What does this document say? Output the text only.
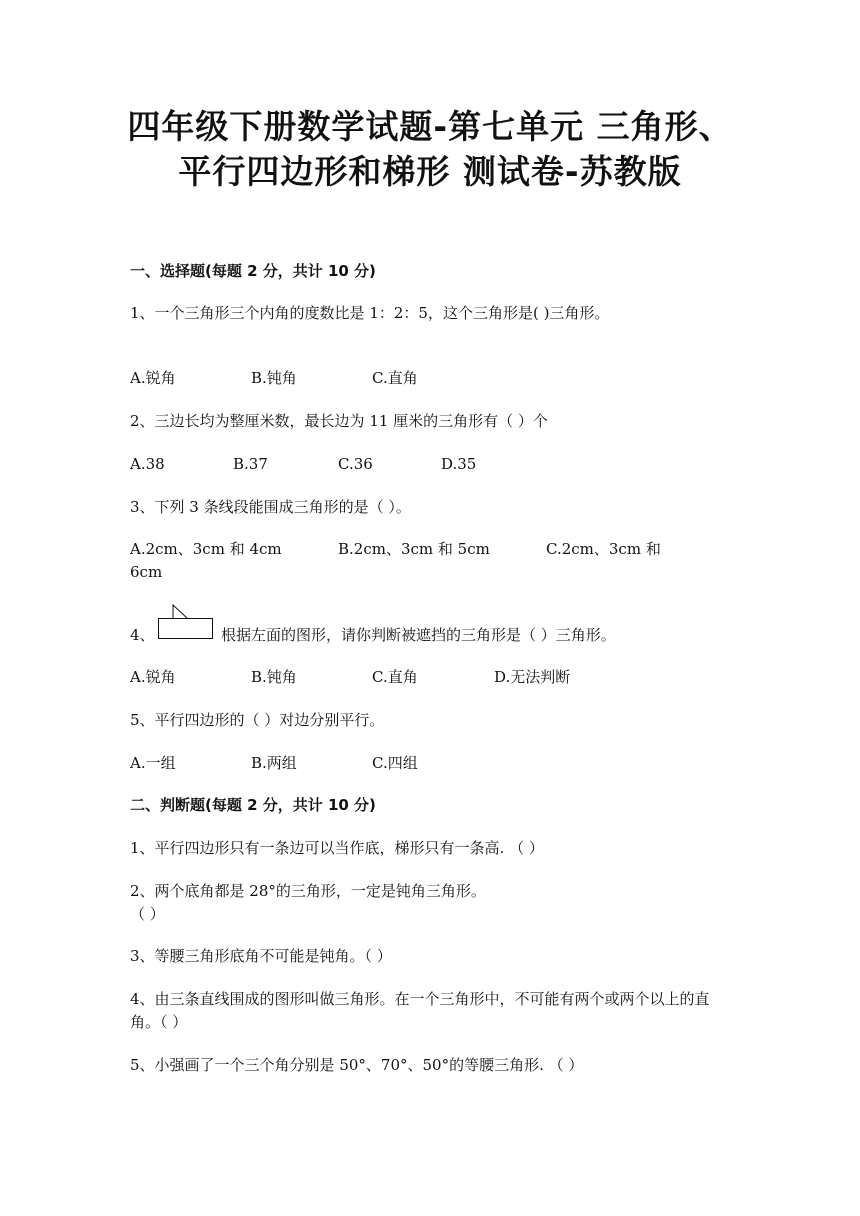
四年级下册数学试题-第七单元 三角形、 平行四边形和梯形 测试卷-苏教版
一、选择题(每题 2 分，共计 10 分)
1、一个三角形三个内角的度数比是 1：2：5，这个三角形是( )三角形。
A.锐角	B.钝角	C.直角
2、三边长均为整厘米数，最长边为 11 厘米的三角形有（ ）个
A.38	B.37	C.36	D.35
3、下列 3 条线段能围成三角形的是（ ）。
A.2cm、3cm 和 4cm	B.2cm、3cm 和 5cm	C.2cm、3cm 和
6cm
4、	根据左面的图形，请你判断被遮挡的三角形是（ ）三角形。
A.锐角	B.钝角	C.直角	D.无法判断
5、平行四边形的（ ）对边分别平行。
A.一组	B.两组	C.四组
二、判断题(每题 2 分，共计 10 分)
1、平行四边形只有一条边可以当作底，梯形只有一条高. （ ）
2、两个底角都是 28°的三角形，一定是钝角三角形。
（ ）
3、等腰三角形底角不可能是钝角。（ ）
4、由三条直线围成的图形叫做三角形。在一个三角形中，不可能有两个或两个以上的直角。（ ）
5、小强画了一个三个角分别是 50°、70°、50°的等腰三角形. （ ）
